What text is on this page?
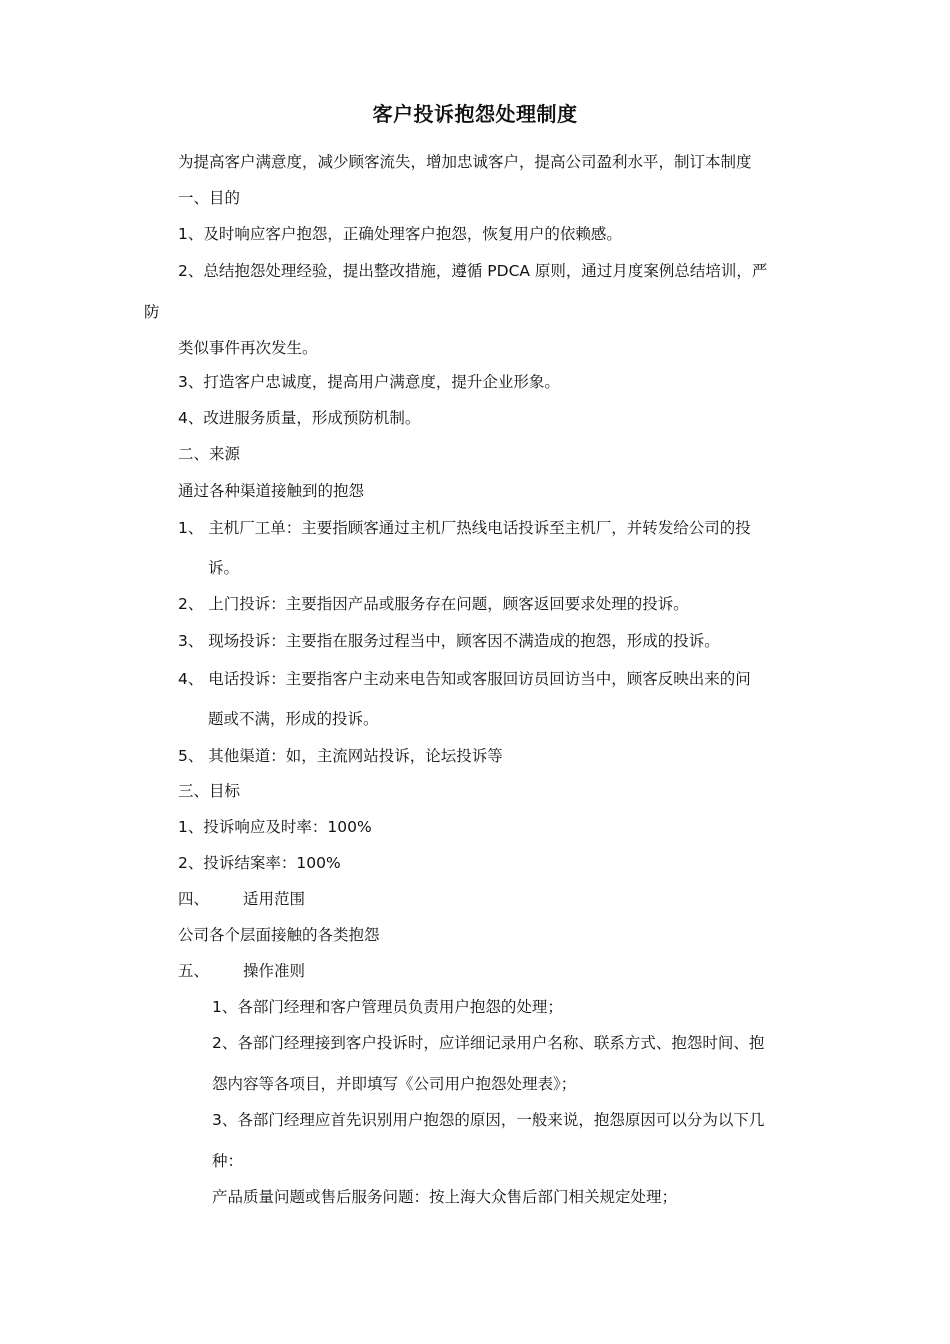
客户投诉抱怨处理制度
为提高客户满意度，减少顾客流失，增加忠诚客户，提高公司盈利水平，制订本制度
一、目的
1、及时响应客户抱怨，正确处理客户抱怨，恢复用户的依赖感。
2、总结抱怨处理经验，提出整改措施，遵循 PDCA 原则，通过月度案例总结培训，严
防
类似事件再次发生。
3、打造客户忠诚度，提高用户满意度，提升企业形象。
4、改进服务质量，形成预防机制。
二、来源
通过各种渠道接触到的抱怨
1、 主机厂工单：主要指顾客通过主机厂热线电话投诉至主机厂，并转发给公司的投
诉。
2、 上门投诉：主要指因产品或服务存在问题，顾客返回要求处理的投诉。
3、 现场投诉：主要指在服务过程当中，顾客因不满造成的抱怨，形成的投诉。
4、 电话投诉：主要指客户主动来电告知或客服回访员回访当中，顾客反映出来的问
题或不满，形成的投诉。
5、 其他渠道：如，主流网站投诉，论坛投诉等
三、目标
1、投诉响应及时率：100%
2、投诉结案率：100%
四、 适用范围
公司各个层面接触的各类抱怨
五、 操作准则
1、各部门经理和客户管理员负责用户抱怨的处理；
2、各部门经理接到客户投诉时，应详细记录用户名称、联系方式、抱怨时间、抱
怨内容等各项目，并即填写《公司用户抱怨处理表》；
3、各部门经理应首先识别用户抱怨的原因，一般来说，抱怨原因可以分为以下几
种：
产品质量问题或售后服务问题：按上海大众售后部门相关规定处理；
